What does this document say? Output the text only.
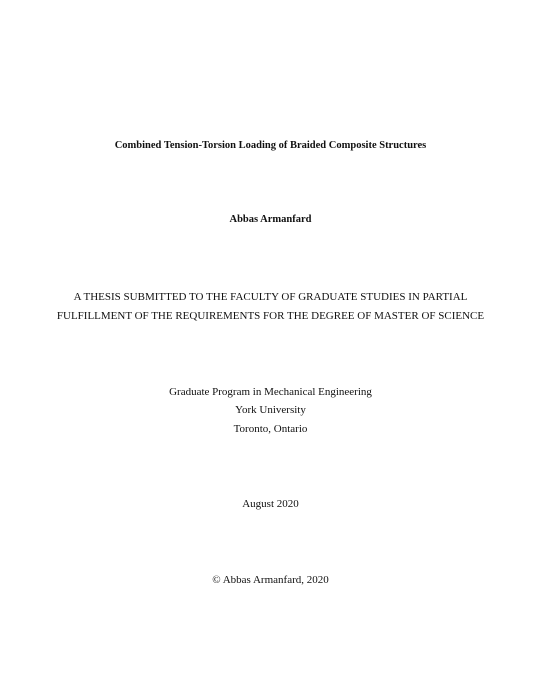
Combined Tension-Torsion Loading of Braided Composite Structures
Abbas Armanfard
A THESIS SUBMITTED TO THE FACULTY OF GRADUATE STUDIES IN PARTIAL
FULFILLMENT OF THE REQUIREMENTS FOR THE DEGREE OF MASTER OF SCIENCE
Graduate Program in Mechanical Engineering
York University
Toronto, Ontario
August 2020
© Abbas Armanfard, 2020
